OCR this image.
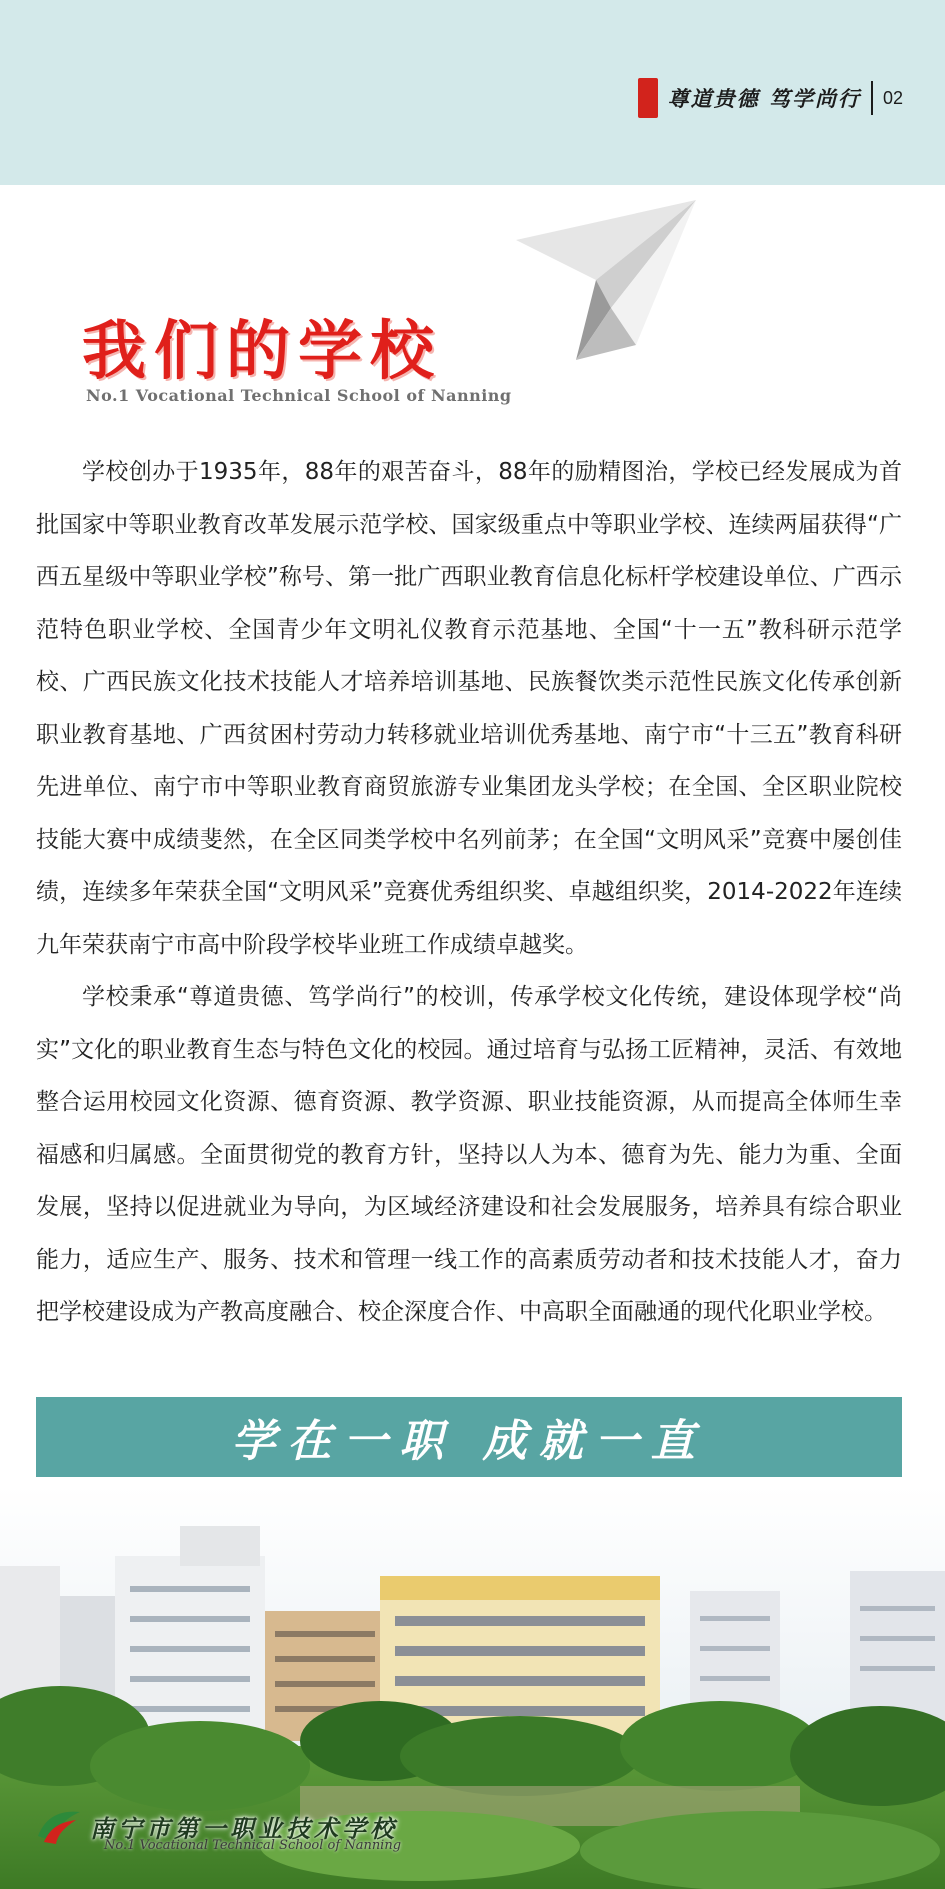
尊道贵德 笃学尚行 02
我们的学校
No.1 Vocational Technical School of Nanning

学校创办于1935年，88年的艰苦奋斗，88年的励精图治，学校已经发展成为首批国家中等职业教育改革发展示范学校、国家级重点中等职业学校、连续两届获得“广西五星级中等职业学校”称号、第一批广西职业教育信息化标杆学校建设单位、广西示范特色职业学校、全国青少年文明礼仪教育示范基地、全国“十一五”教科研示范学校、广西民族文化技术技能人才培养培训基地、民族餐饮类示范性民族文化传承创新职业教育基地、广西贫困村劳动力转移就业培训优秀基地、南宁市“十三五”教育科研先进单位、南宁市中等职业教育商贸旅游专业集团龙头学校；在全国、全区职业院校技能大赛中成绩斐然，在全区同类学校中名列前茅；在全国“文明风采”竞赛中屡创佳绩，连续多年荣获全国“文明风采”竞赛优秀组织奖、卓越组织奖，2014-2022年连续九年荣获南宁市高中阶段学校毕业班工作成绩卓越奖。

学校秉承“尊道贵德、笃学尚行”的校训，传承学校文化传统，建设体现学校“尚实”文化的职业教育生态与特色文化的校园。通过培育与弘扬工匠精神，灵活、有效地整合运用校园文化资源、德育资源、教学资源、职业技能资源，从而提高全体师生幸福感和归属感。全面贯彻党的教育方针，坚持以人为本、德育为先、能力为重、全面发展，坚持以促进就业为导向，为区域经济建设和社会发展服务，培养具有综合职业能力，适应生产、服务、技术和管理一线工作的高素质劳动者和技术技能人才，奋力把学校建设成为产教高度融合、校企深度合作、中高职全面融通的现代化职业学校。

学在一职 成就一直
南宁市第一职业技术学校
No.1 Vocational Technical School of Nanning
